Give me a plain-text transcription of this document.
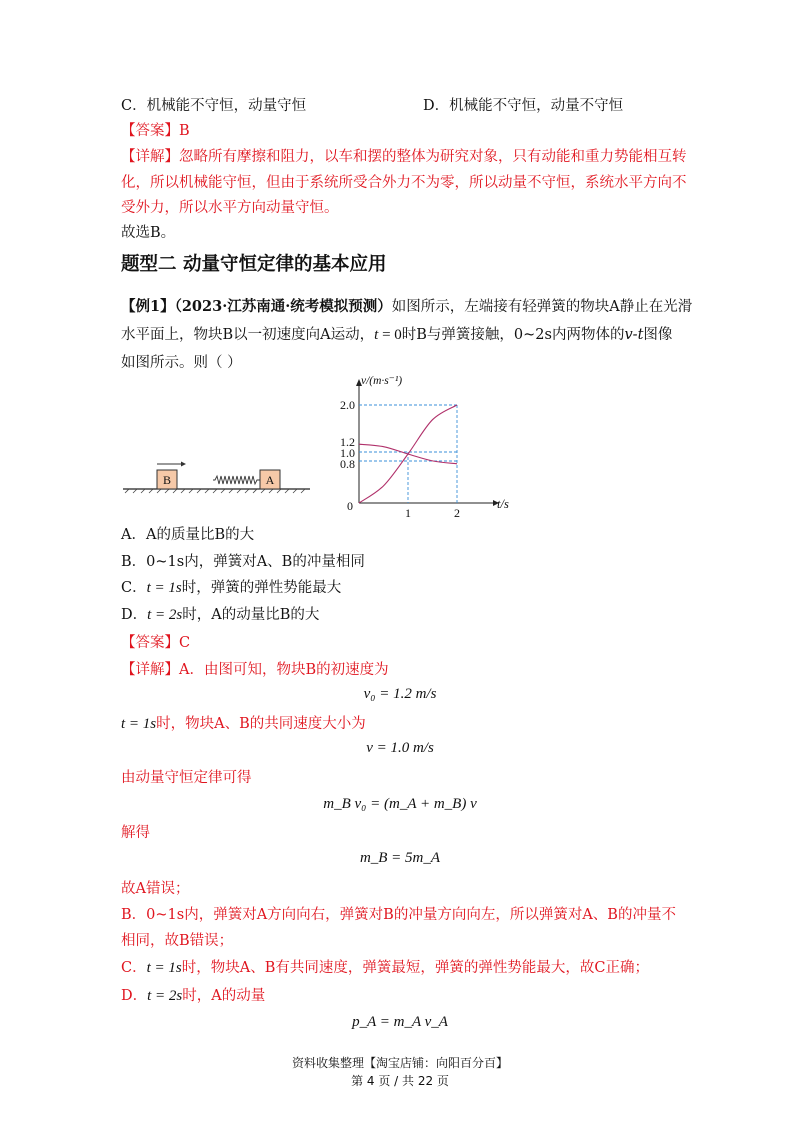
C．机械能不守恒，动量守恒	D．机械能不守恒，动量不守恒
【答案】B
【详解】忽略所有摩擦和阻力，以车和摆的整体为研究对象，只有动能和重力势能相互转
化，所以机械能守恒，但由于系统所受合外力不为零，所以动量不守恒，系统水平方向不
受外力，所以水平方向动量守恒。
故选B。
题型二 动量守恒定律的基本应用
【例1】（2023·江苏南通·统考模拟预测）如图所示，左端接有轻弹簧的物块A静止在光滑
水平面上，物块B以一初速度向A运动，t = 0时B与弹簧接触，0~2s内两物体的v-t图像
如图所示。则（ ）
B	A
v/(m·s⁻¹)
t/s
0
2.0
1.2
1.0
0.8
1	2
A．A的质量比B的大
B．0~1s内，弹簧对A、B的冲量相同
C．t = 1s时，弹簧的弹性势能最大
D．t = 2s时，A的动量比B的大
【答案】C
【详解】A．由图可知，物块B的初速度为
v₀ = 1.2 m/s
t = 1s时，物块A、B的共同速度大小为
v = 1.0 m/s
由动量守恒定律可得
m_B v₀ = (m_A + m_B) v
解得
m_B = 5m_A
故A错误；
B．0~1s内，弹簧对A方向向右，弹簧对B的冲量方向向左，所以弹簧对A、B的冲量不
相同，故B错误；
C．t = 1s时，物块A、B有共同速度，弹簧最短，弹簧的弹性势能最大，故C正确；
D．t = 2s时，A的动量
p_A = m_A v_A
资料收集整理【淘宝店铺：向阳百分百】
第 4 页 / 共 22 页
